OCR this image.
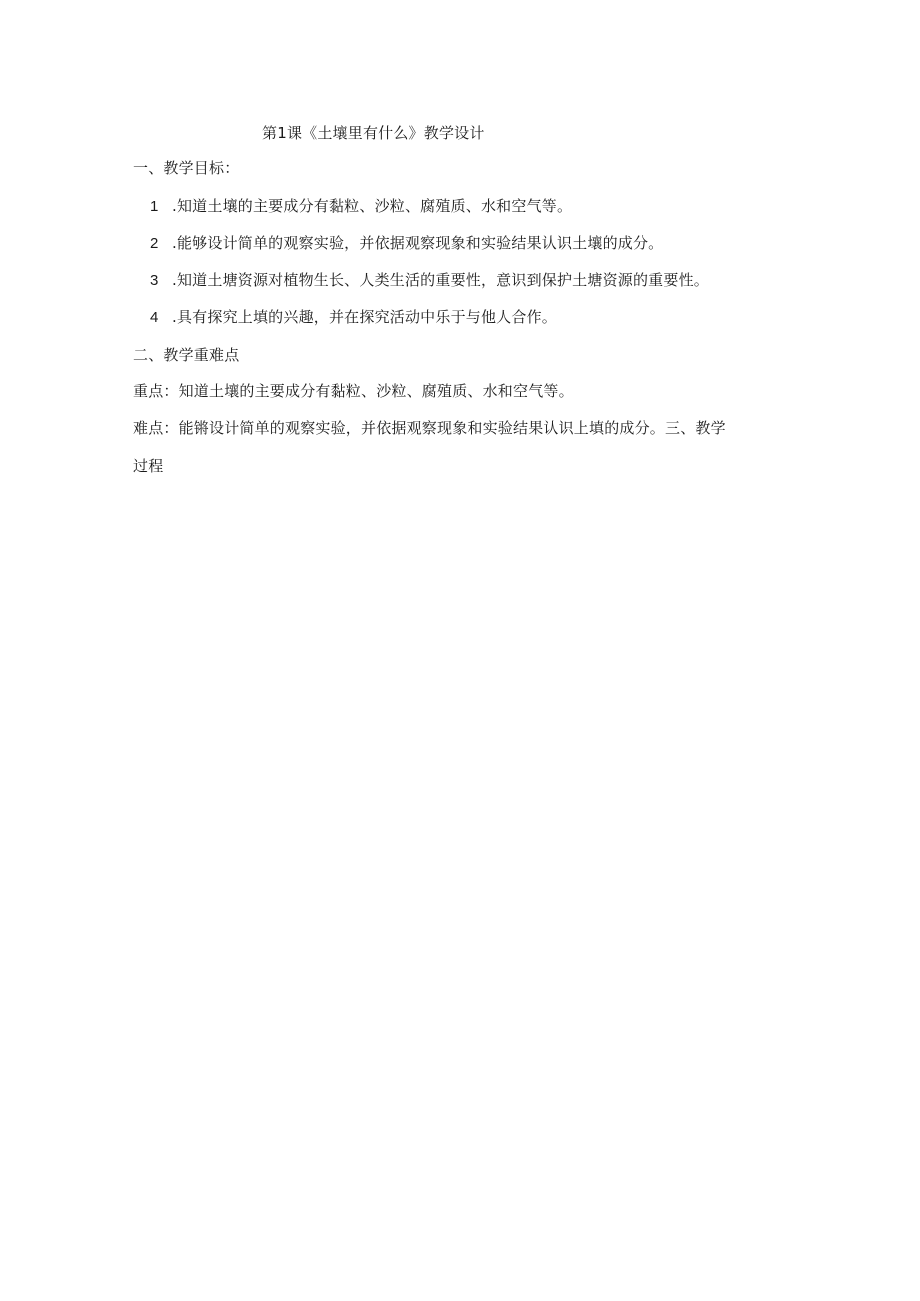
第1课《土壤里有什么》教学设计
一、教学目标：
1 .知道土壤的主要成分有黏粒、沙粒、腐殖质、水和空气等。
2 .能够设计简单的观察实验，并依据观察现象和实验结果认识土壤的成分。
3 .知道土塘资源对植物生长、人类生活的重要性，意识到保护土塘资源的重要性。
4 .具有探究上填的兴趣，并在探究活动中乐于与他人合作。
二、教学重难点
重点：知道土壤的主要成分有黏粒、沙粒、腐殖质、水和空气等。
难点：能锵设计简单的观察实验，并依据观察现象和实验结果认识上填的成分。三、教学
过程
